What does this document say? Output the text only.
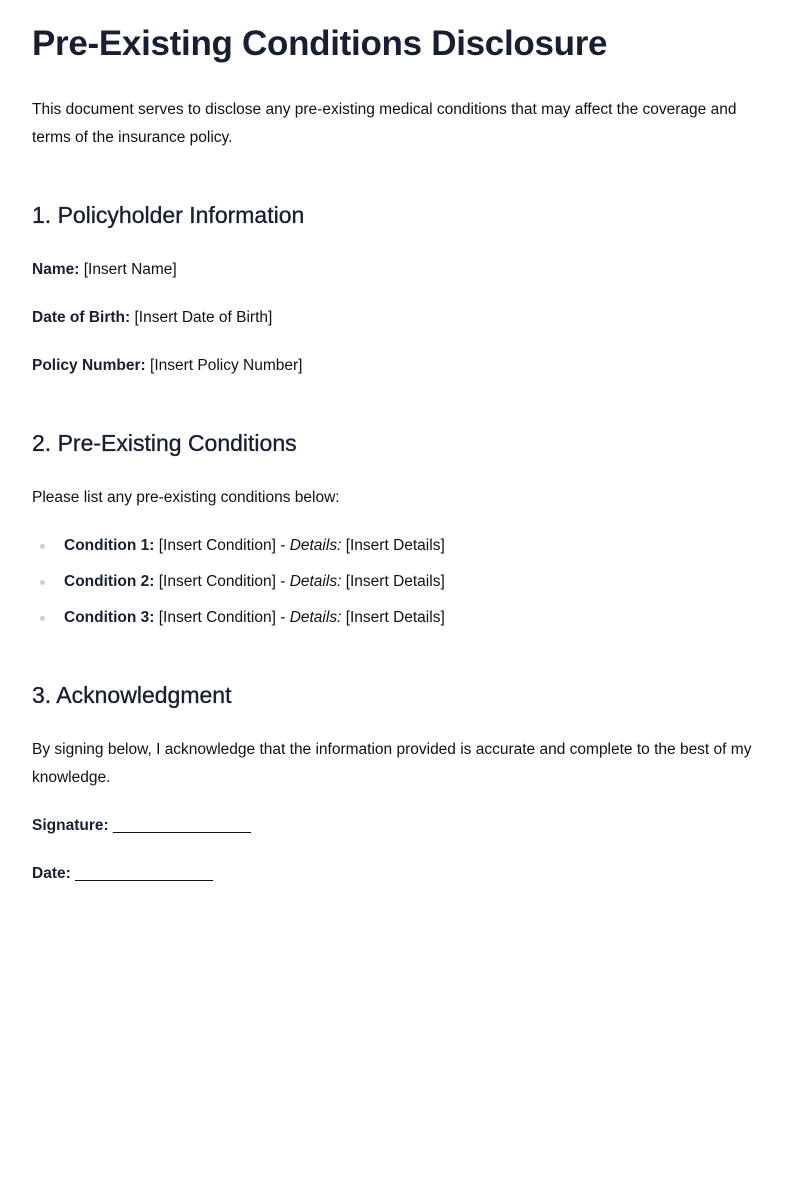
Pre-Existing Conditions Disclosure

This document serves to disclose any pre-existing medical conditions that may affect the coverage and terms of the insurance policy.

1. Policyholder Information

Name: [Insert Name]

Date of Birth: [Insert Date of Birth]

Policy Number: [Insert Policy Number]

2. Pre-Existing Conditions

Please list any pre-existing conditions below:

Condition 1: [Insert Condition] - Details: [Insert Details]

Condition 2: [Insert Condition] - Details: [Insert Details]

Condition 3: [Insert Condition] - Details: [Insert Details]

3. Acknowledgment

By signing below, I acknowledge that the information provided is accurate and complete to the best of my knowledge.

Signature: ________________

Date: ________________
